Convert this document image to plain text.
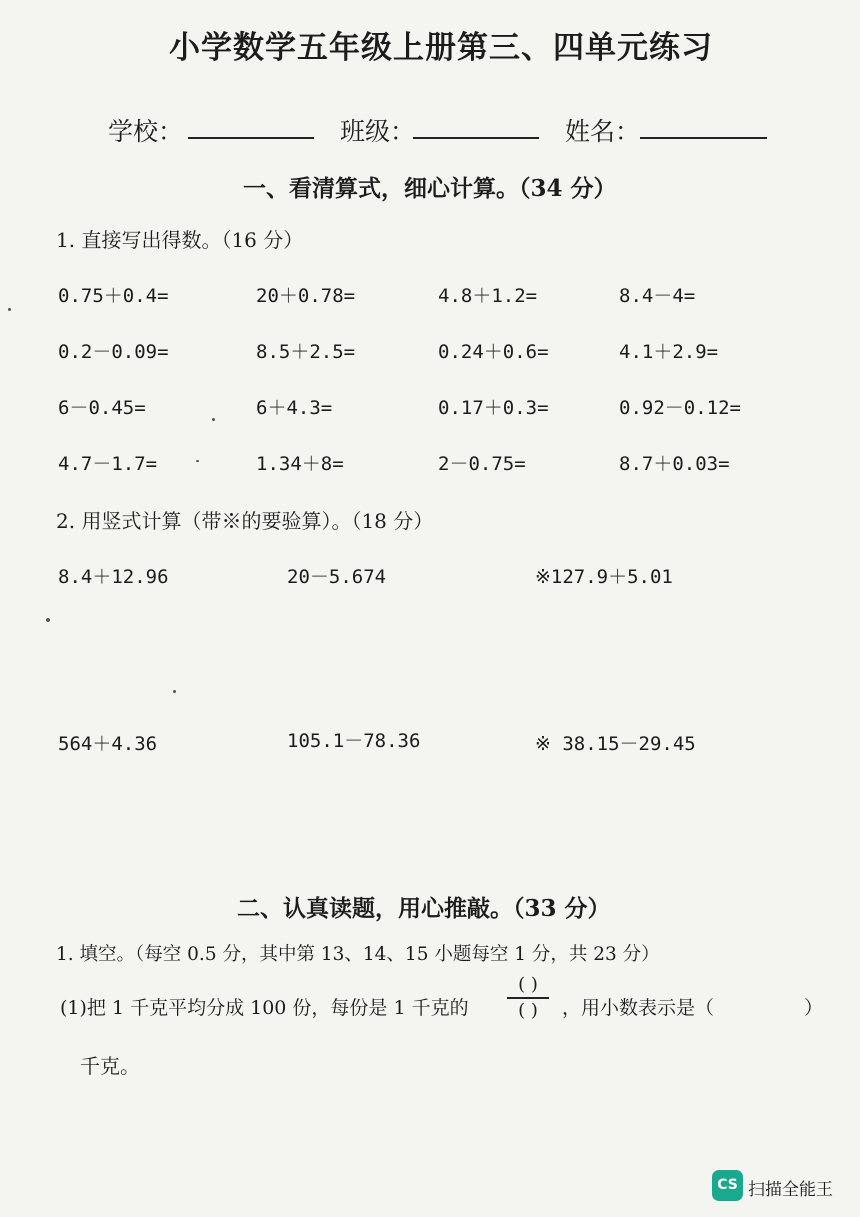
小学数学五年级上册第三、四单元练习
学校：	班级：	姓名：
一、看清算式，细心计算。（34 分）
1. 直接写出得数。（16 分）
0.75＋0.4=	20＋0.78=	4.8＋1.2=	8.4－4=
0.2－0.09=	8.5＋2.5=	0.24＋0.6=	4.1＋2.9=
6－0.45=	6＋4.3=	0.17＋0.3=	0.92－0.12=
4.7－1.7=	1.34＋8=	2－0.75=	8.7＋0.03=
2. 用竖式计算（带※的要验算）。（18 分）
8.4＋12.96	20－5.674	※127.9＋5.01
564＋4.36	105.1－78.36	※ 38.15－29.45
二、认真读题，用心推敲。（33 分）
1. 填空。（每空 0.5 分，其中第 13、14、15 小题每空 1 分，共 23 分）
(1)把 1 千克平均分成 100 份，每份是 1 千克的
( )
( )	，用小数表示是（	）
千克。
CS 扫描全能王
